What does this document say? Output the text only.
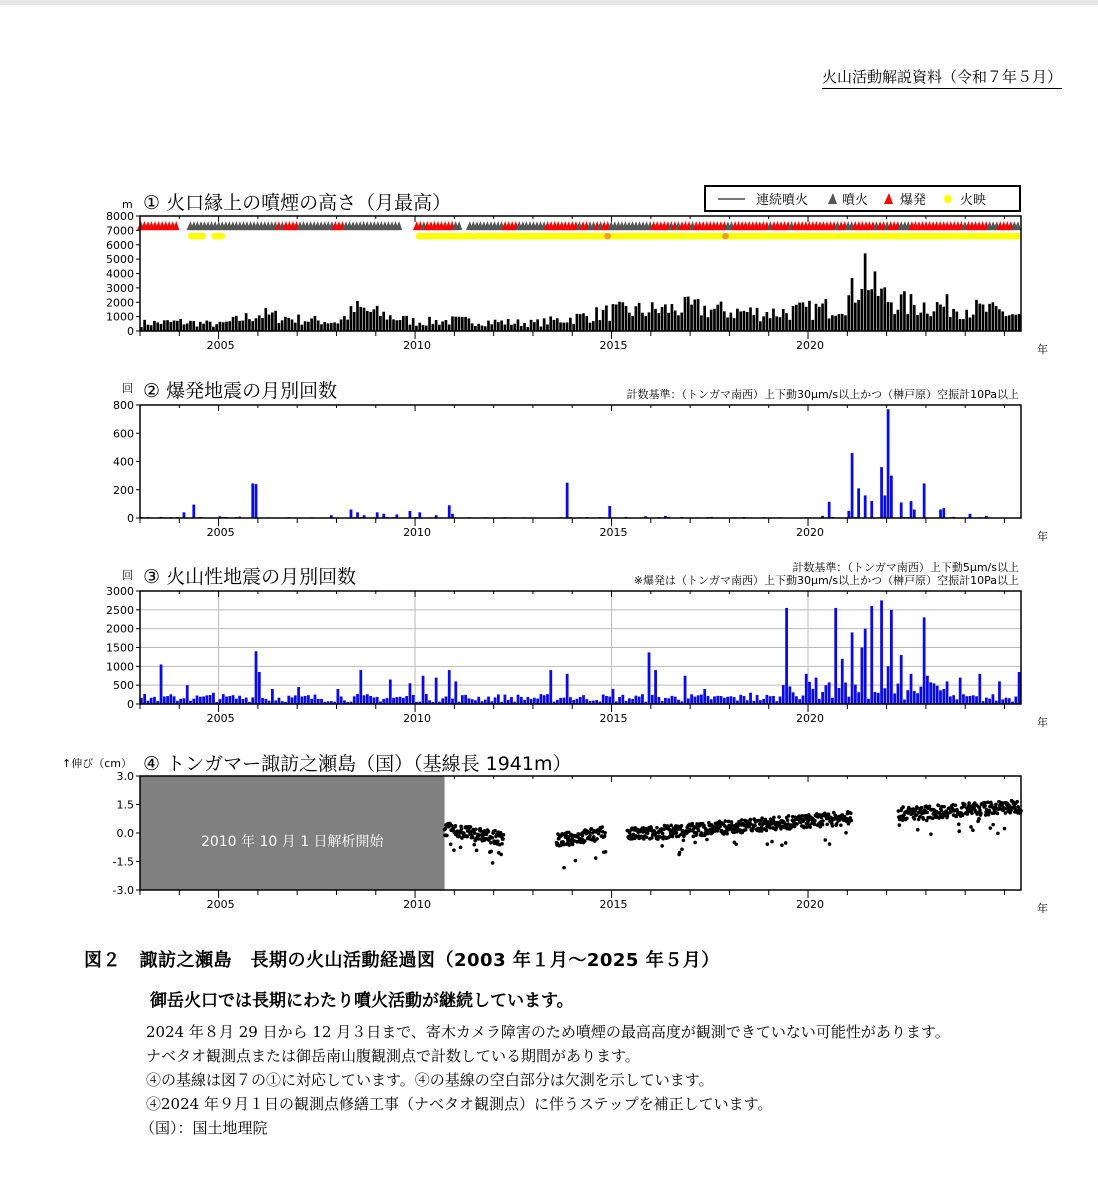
火山活動解説資料（令和７年５月）
m ① 火口縁上の噴煙の高さ（月最高）
0
1000
2000
3000
4000
5000
6000
7000
8000
2005	2010	2015	2020	年
連続噴火	噴火 爆発	火映
回 ② 爆発地震の月別回数	計数基準：（トンガマ南西）上下動30μm/s以上かつ（榊戸原）空振計10Pa以上
0
200
400
600
800
2005	2010	2015	2020	年
回 ③ 火山性地震の月別回数	計数基準：（トンガマ南西）上下動5μm/s以上
※爆発は（トンガマ南西）上下動30μm/s以上かつ（榊戸原）空振計10Pa以上
0
500
1000
1500
2000
2500
3000
2005	2010	2015	2020	年
↑伸び（cm） ④ トンガマー諏訪之瀬島（国）（基線長 1941m）
-3.0
-1.5
0.0
1.5
3.0
2005	2010	2015	2020	年
2010 年 10 月 1 日解析開始
図２　諏訪之瀬島　長期の火山活動経過図（2003 年１月～2025 年５月）
御岳火口では長期にわたり噴火活動が継続しています。

2024 年８月 29 日から 12 月３日まで、寄木カメラ障害のため噴煙の最高高度が観測できていない可能性があります。

ナベタオ観測点または御岳南山腹観測点で計数している期間があります。

④の基線は図７の①に対応しています。④の基線の空白部分は欠測を示しています。

④2024 年９月１日の観測点修繕工事（ナベタオ観測点）に伴うステップを補正しています。

（国）：国土地理院
